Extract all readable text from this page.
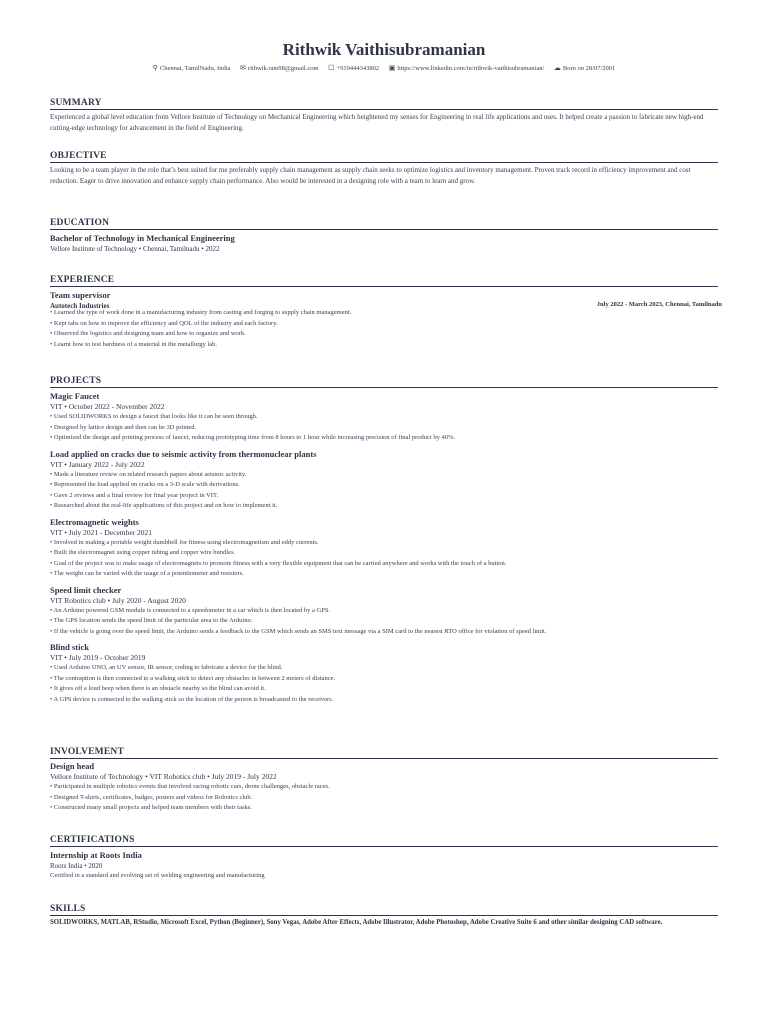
Rithwik Vaithisubramanian
⚲ Chennai, TamilNadu, India ✉ rithwik.ram98@gmail.com ☐ +919444343802 ▣ https://www.linkedin.com/in/rithwik-vaithisubramanian/ ☁ Born on 28/07/2001
SUMMARY
Experienced a global level education from Vellore Institute of Technology on Mechanical Engineering which heightened my senses for Engineering in real life applications and uses. It helped create a passion to fabricate new high-end cutting-edge technology for advancement in the field of Engineering.
OBJECTIVE
Looking to be a team player in the role that’s best suited for me preferably supply chain management as supply chain seeks to optimize logistics and inventory management. Proven track record in efficiency improvement and cost reduction. Eager to drive innovation and enhance supply chain performance. Also would be interested in a designing role with a team to learn and grow.
EDUCATION
Bachelor of Technology in Mechanical Engineering
Vellore Institute of Technology • Chennai, Tamilnadu • 2022
EXPERIENCE
Team supervisor
Autotech Industries	July 2022 - March 2023, Chennai, Tamilnadu
• Learned the type of work done in a manufacturing industry from casting and forging to supply chain management.
• Kept tabs on how to improve the efficiency and QOL of the industry and each factory.
• Observed the logistics and designing team and how to organize and work.
• Learnt how to test hardness of a material in the metallurgy lab.
PROJECTS
Magic Faucet
VIT • October 2022 - November 2022
• Used SOLIDWORKS to design a faucet that looks like it can be seen through.
• Designed by lattice design and then can be 3D printed.
• Optimized the design and printing process of faucet, reducing prototyping time from 8 hours to 1 hour while increasing precision of final product by 40%.
Load applied on cracks due to seismic activity from thermonuclear plants
VIT • January 2022 - July 2022
• Made a literature review on related research papers about seismic activity.
• Represented the load applied on cracks on a 3-D scale with derivations.
• Gave 2 reviews and a final review for final year project in VIT.
• Researched about the real-life applications of this project and on how to implement it.
Electromagnetic weights
VIT • July 2021 - December 2021
• Involved in making a portable weight dumbbell for fitness using electromagnetism and eddy currents.
• Built the electromagnet using copper tubing and copper wire bundles.
• Goal of the project was to make usage of electromagnets to promote fitness with a very flexible equipment that can be carried anywhere and works with the touch of a button.
• The weight can be varied with the usage of a potentiometer and resistors.
Speed limit checker
VIT Robotics club • July 2020 - August 2020
• An Arduino powered GSM module is connected to a speedometer in a car which is then located by a GPS.
• The GPS location sends the speed limit of the particular area to the Arduino.
• If the vehicle is going over the speed limit, the Arduino sends a feedback to the GSM which sends an SMS text message via a SIM card to the nearest RTO office for violation of speed limit.
Blind stick
VIT • July 2019 - October 2019
• Used Arduino UNO, an UV sensor, IR sensor, coding to fabricate a device for the blind.
• The contraption is then connected to a walking stick to detect any obstacles in between 2 meters of distance.
• It gives off a loud beep when there is an obstacle nearby so the blind can avoid it.
• A GPS device is connected to the walking stick so the location of the person is broadcasted to the receivers.
INVOLVEMENT
Design head
Vellore Institute of Technology • VIT Robotics club • July 2019 - July 2022
• Participated in multiple robotics events that involved racing robotic cars, drone challenges, obstacle races.
• Designed T-shirts, certificates, badges, posters and videos for Robotics club.
• Constructed many small projects and helped team members with their tasks.
CERTIFICATIONS
Internship at Roots India
Roots India • 2020
Certified in a standard and evolving set of welding engineering and manufacturing
SKILLS
SOLIDWORKS, MATLAB, RStudio, Microsoft Excel, Python (Beginner), Sony Vegas, Adobe After Effects, Adobe Illustrator, Adobe Photoshop, Adobe Creative Suite 6 and other similar designing CAD software.
